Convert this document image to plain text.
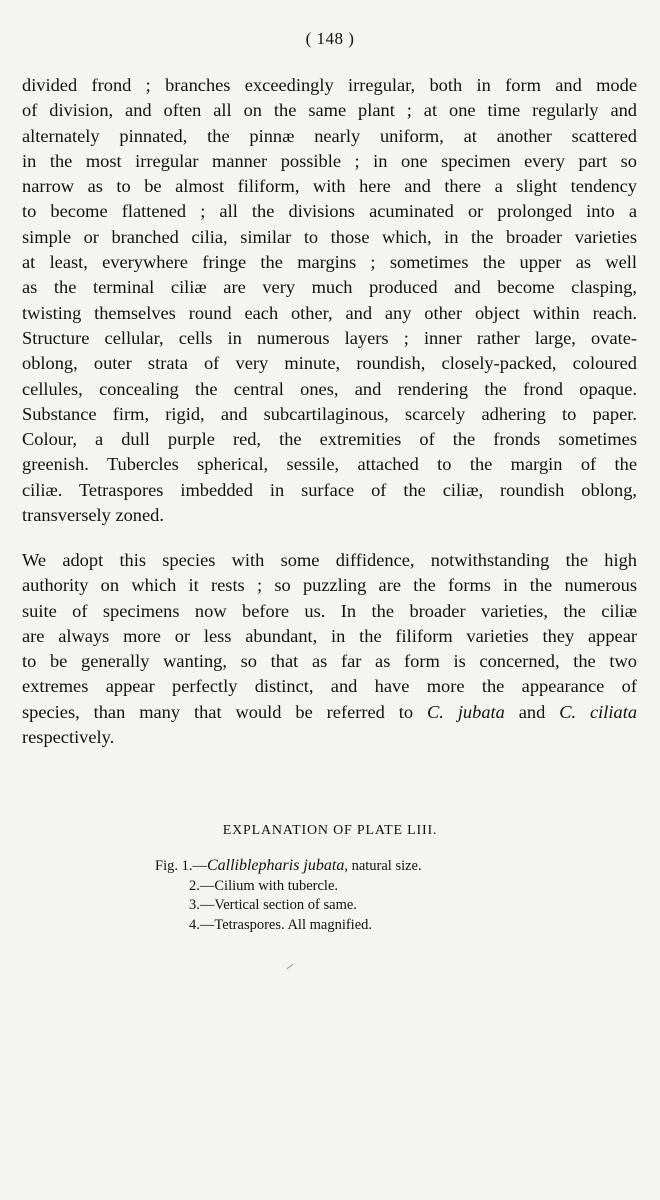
( 148 )
divided frond ; branches exceedingly irregular, both in form and mode
of division, and often all on the same plant ; at one time regularly and
alternately pinnated, the pinnæ nearly uniform, at another scattered
in the most irregular manner possible ; in one specimen every part so
narrow as to be almost filiform, with here and there a slight tendency
to become flattened ; all the divisions acuminated or prolonged into a
simple or branched cilia, similar to those which, in the broader varieties
at least, everywhere fringe the margins ; sometimes the upper as well
as the terminal ciliæ are very much produced and become clasping,
twisting themselves round each other, and any other object within reach.
Structure cellular, cells in numerous layers ; inner rather large, ovate-
oblong, outer strata of very minute, roundish, closely-packed, coloured
cellules, concealing the central ones, and rendering the frond opaque.
Substance firm, rigid, and subcartilaginous, scarcely adhering to paper.
Colour, a dull purple red, the extremities of the fronds sometimes
greenish. Tubercles spherical, sessile, attached to the margin of the
ciliæ. Tetraspores imbedded in surface of the ciliæ, roundish oblong,
transversely zoned.
We adopt this species with some diffidence, notwithstanding the high
authority on which it rests ; so puzzling are the forms in the numerous
suite of specimens now before us. In the broader varieties, the ciliæ
are always more or less abundant, in the filiform varieties they appear
to be generally wanting, so that as far as form is concerned, the two
extremes appear perfectly distinct, and have more the appearance of
species, than many that would be referred to C. jubata and C. ciliata
respectively.
EXPLANATION OF PLATE LIII.
Fig. 1.—Calliblepharis jubata, natural size.
2.—Cilium with tubercle.
3.—Vertical section of same.
4.—Tetraspores. All magnified.
